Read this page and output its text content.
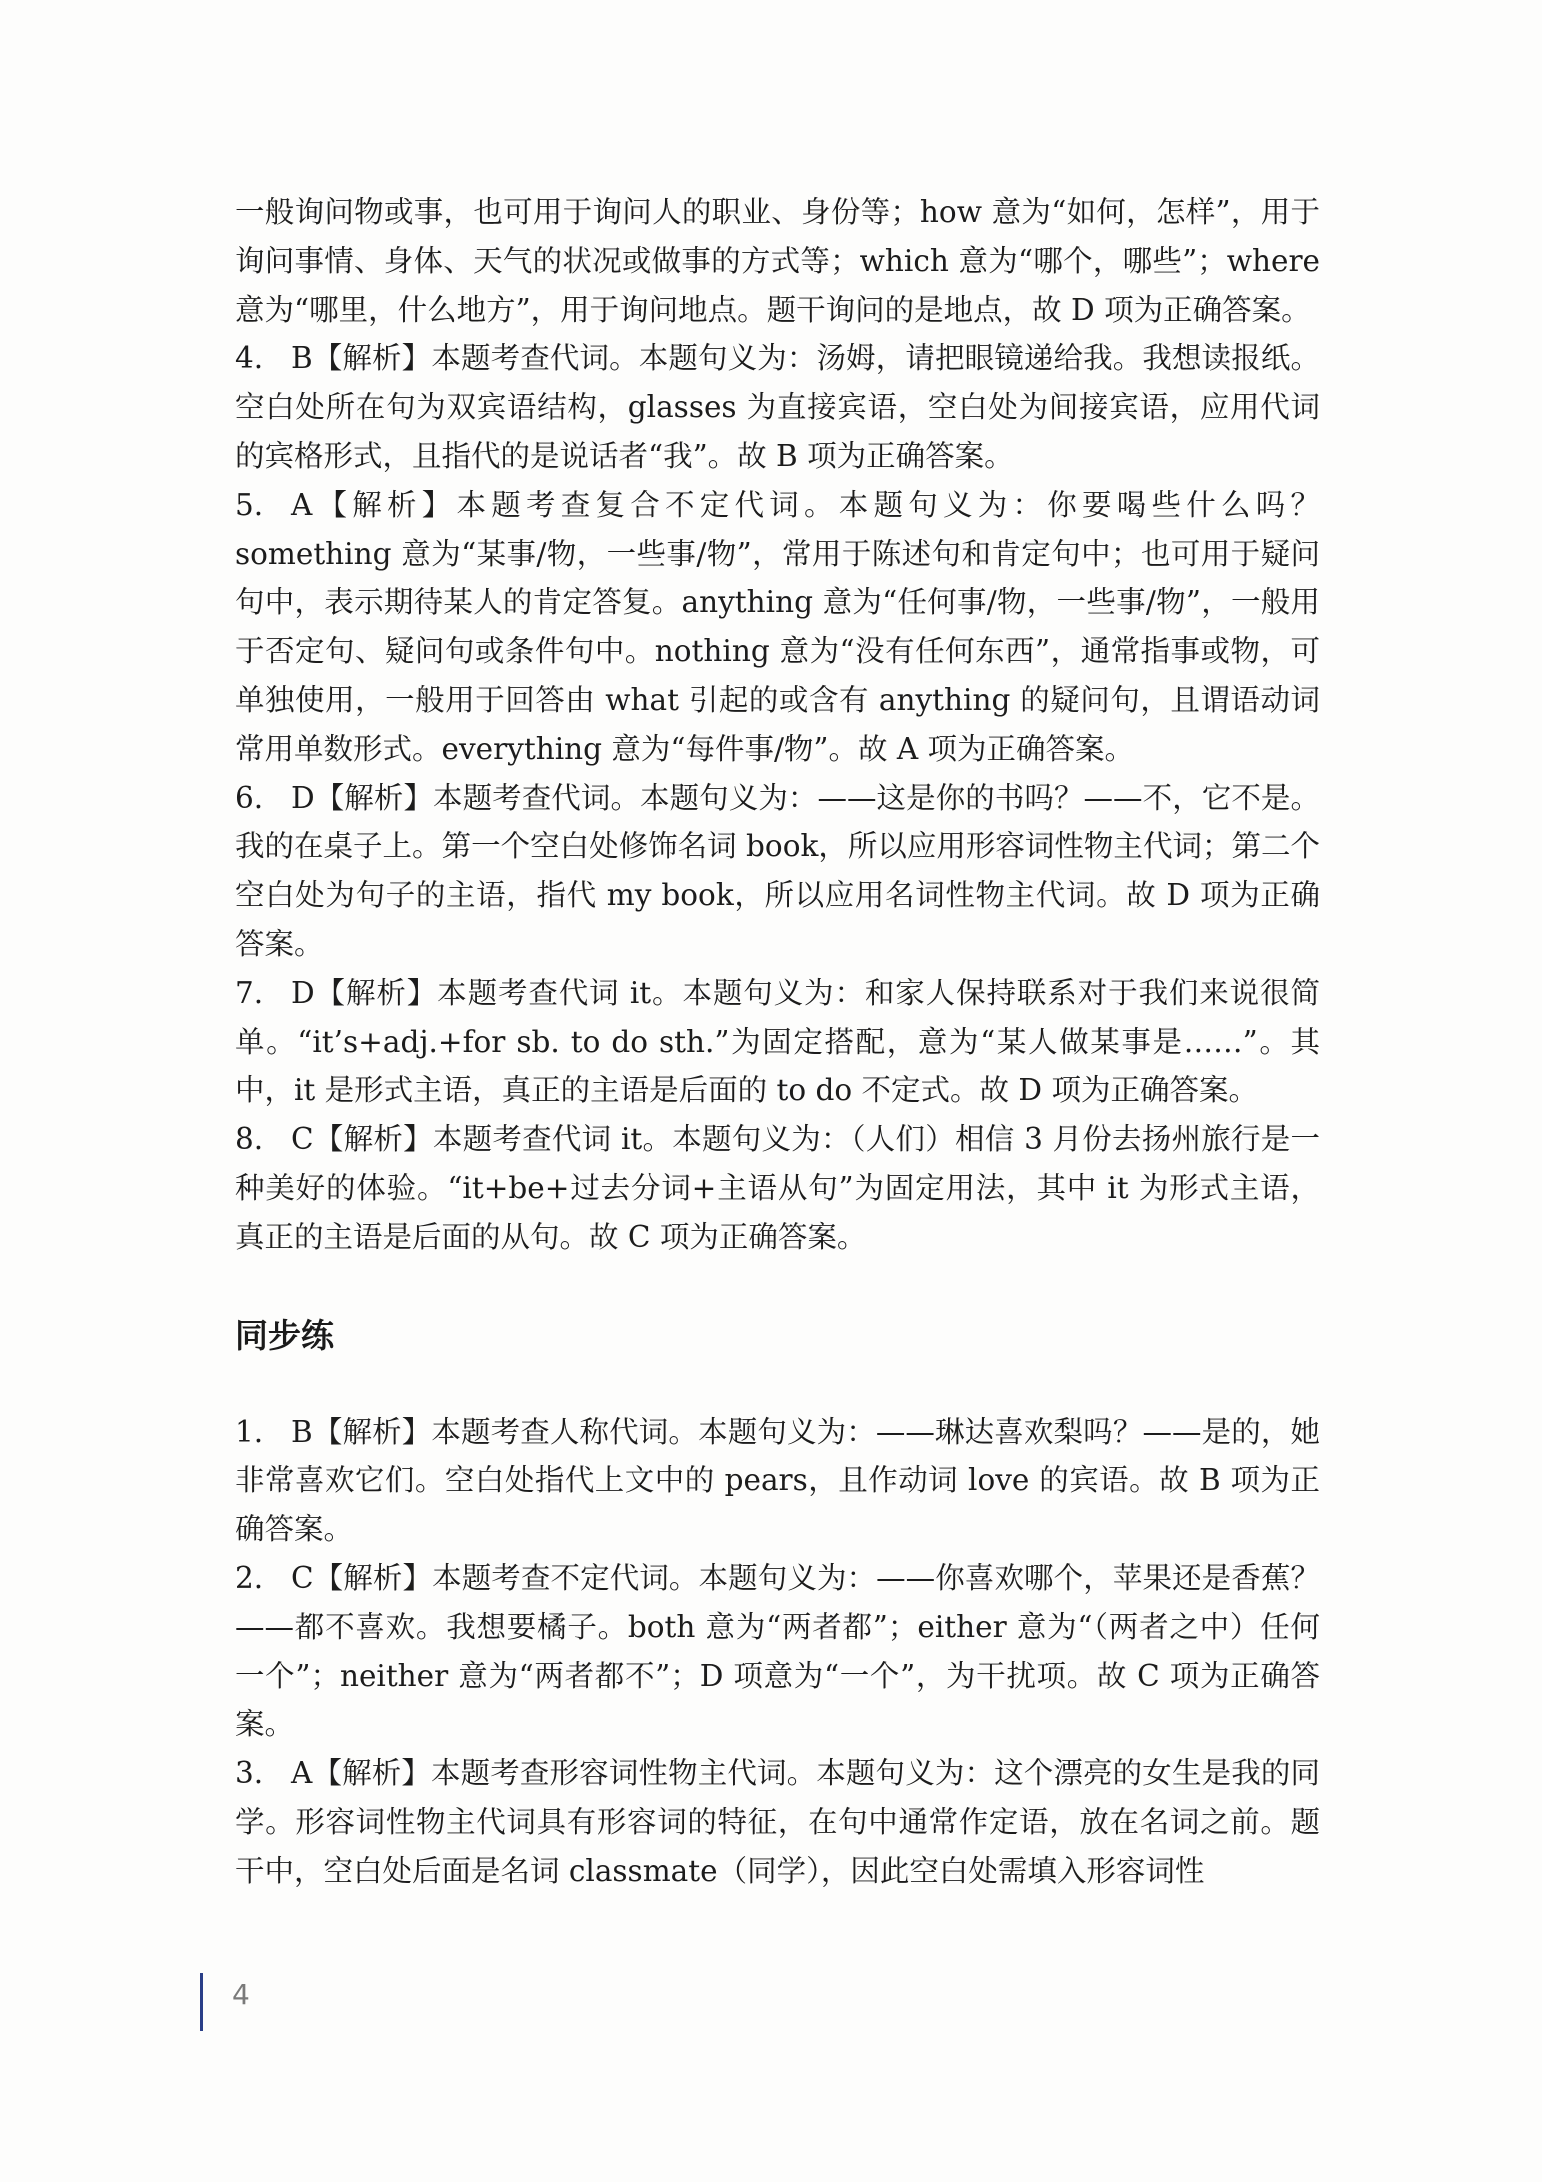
一般询问物或事，也可用于询问人的职业、身份等；how 意为“如何，怎样”，用于询问事情、身体、天气的状况或做事的方式等；which 意为“哪个，哪些”；where 意为“哪里，什么地方”，用于询问地点。题干询问的是地点，故 D 项为正确答案。

4. B【解析】本题考查代词。本题句义为：汤姆，请把眼镜递给我。我想读报纸。空白处所在句为双宾语结构，glasses 为直接宾语，空白处为间接宾语，应用代词的宾格形式，且指代的是说话者“我”。故 B 项为正确答案。

5. A【解析】本题考查复合不定代词。本题句义为：你要喝些什么吗？something 意为“某事/物，一些事/物”，常用于陈述句和肯定句中；也可用于疑问句中，表示期待某人的肯定答复。anything 意为“任何事/物，一些事/物”，一般用于否定句、疑问句或条件句中。nothing 意为“没有任何东西”，通常指事或物，可单独使用，一般用于回答由 what 引起的或含有 anything 的疑问句，且谓语动词常用单数形式。everything 意为“每件事/物”。故 A 项为正确答案。

6. D【解析】本题考查代词。本题句义为：——这是你的书吗？——不，它不是。我的在桌子上。第一个空白处修饰名词 book，所以应用形容词性物主代词；第二个空白处为句子的主语，指代 my book，所以应用名词性物主代词。故 D 项为正确答案。

7. D【解析】本题考查代词 it。本题句义为：和家人保持联系对于我们来说很简单。“it’s+adj.+for sb. to do sth.”为固定搭配，意为“某人做某事是……”。其中，it 是形式主语，真正的主语是后面的 to do 不定式。故 D 项为正确答案。

8. C【解析】本题考查代词 it。本题句义为：（人们）相信 3 月份去扬州旅行是一种美好的体验。“it+be+过去分词+主语从句”为固定用法，其中 it 为形式主语，真正的主语是后面的从句。故 C 项为正确答案。

同步练

1. B【解析】本题考查人称代词。本题句义为：——琳达喜欢梨吗？——是的，她非常喜欢它们。空白处指代上文中的 pears，且作动词 love 的宾语。故 B 项为正确答案。

2. C【解析】本题考查不定代词。本题句义为：——你喜欢哪个，苹果还是香蕉？——都不喜欢。我想要橘子。both 意为“两者都”；either 意为“（两者之中）任何一个”；neither 意为“两者都不”；D 项意为“一个”，为干扰项。故 C 项为正确答案。

3. A【解析】本题考查形容词性物主代词。本题句义为：这个漂亮的女生是我的同学。形容词性物主代词具有形容词的特征，在句中通常作定语，放在名词之前。题干中，空白处后面是名词 classmate（同学），因此空白处需填入形容词性

4
